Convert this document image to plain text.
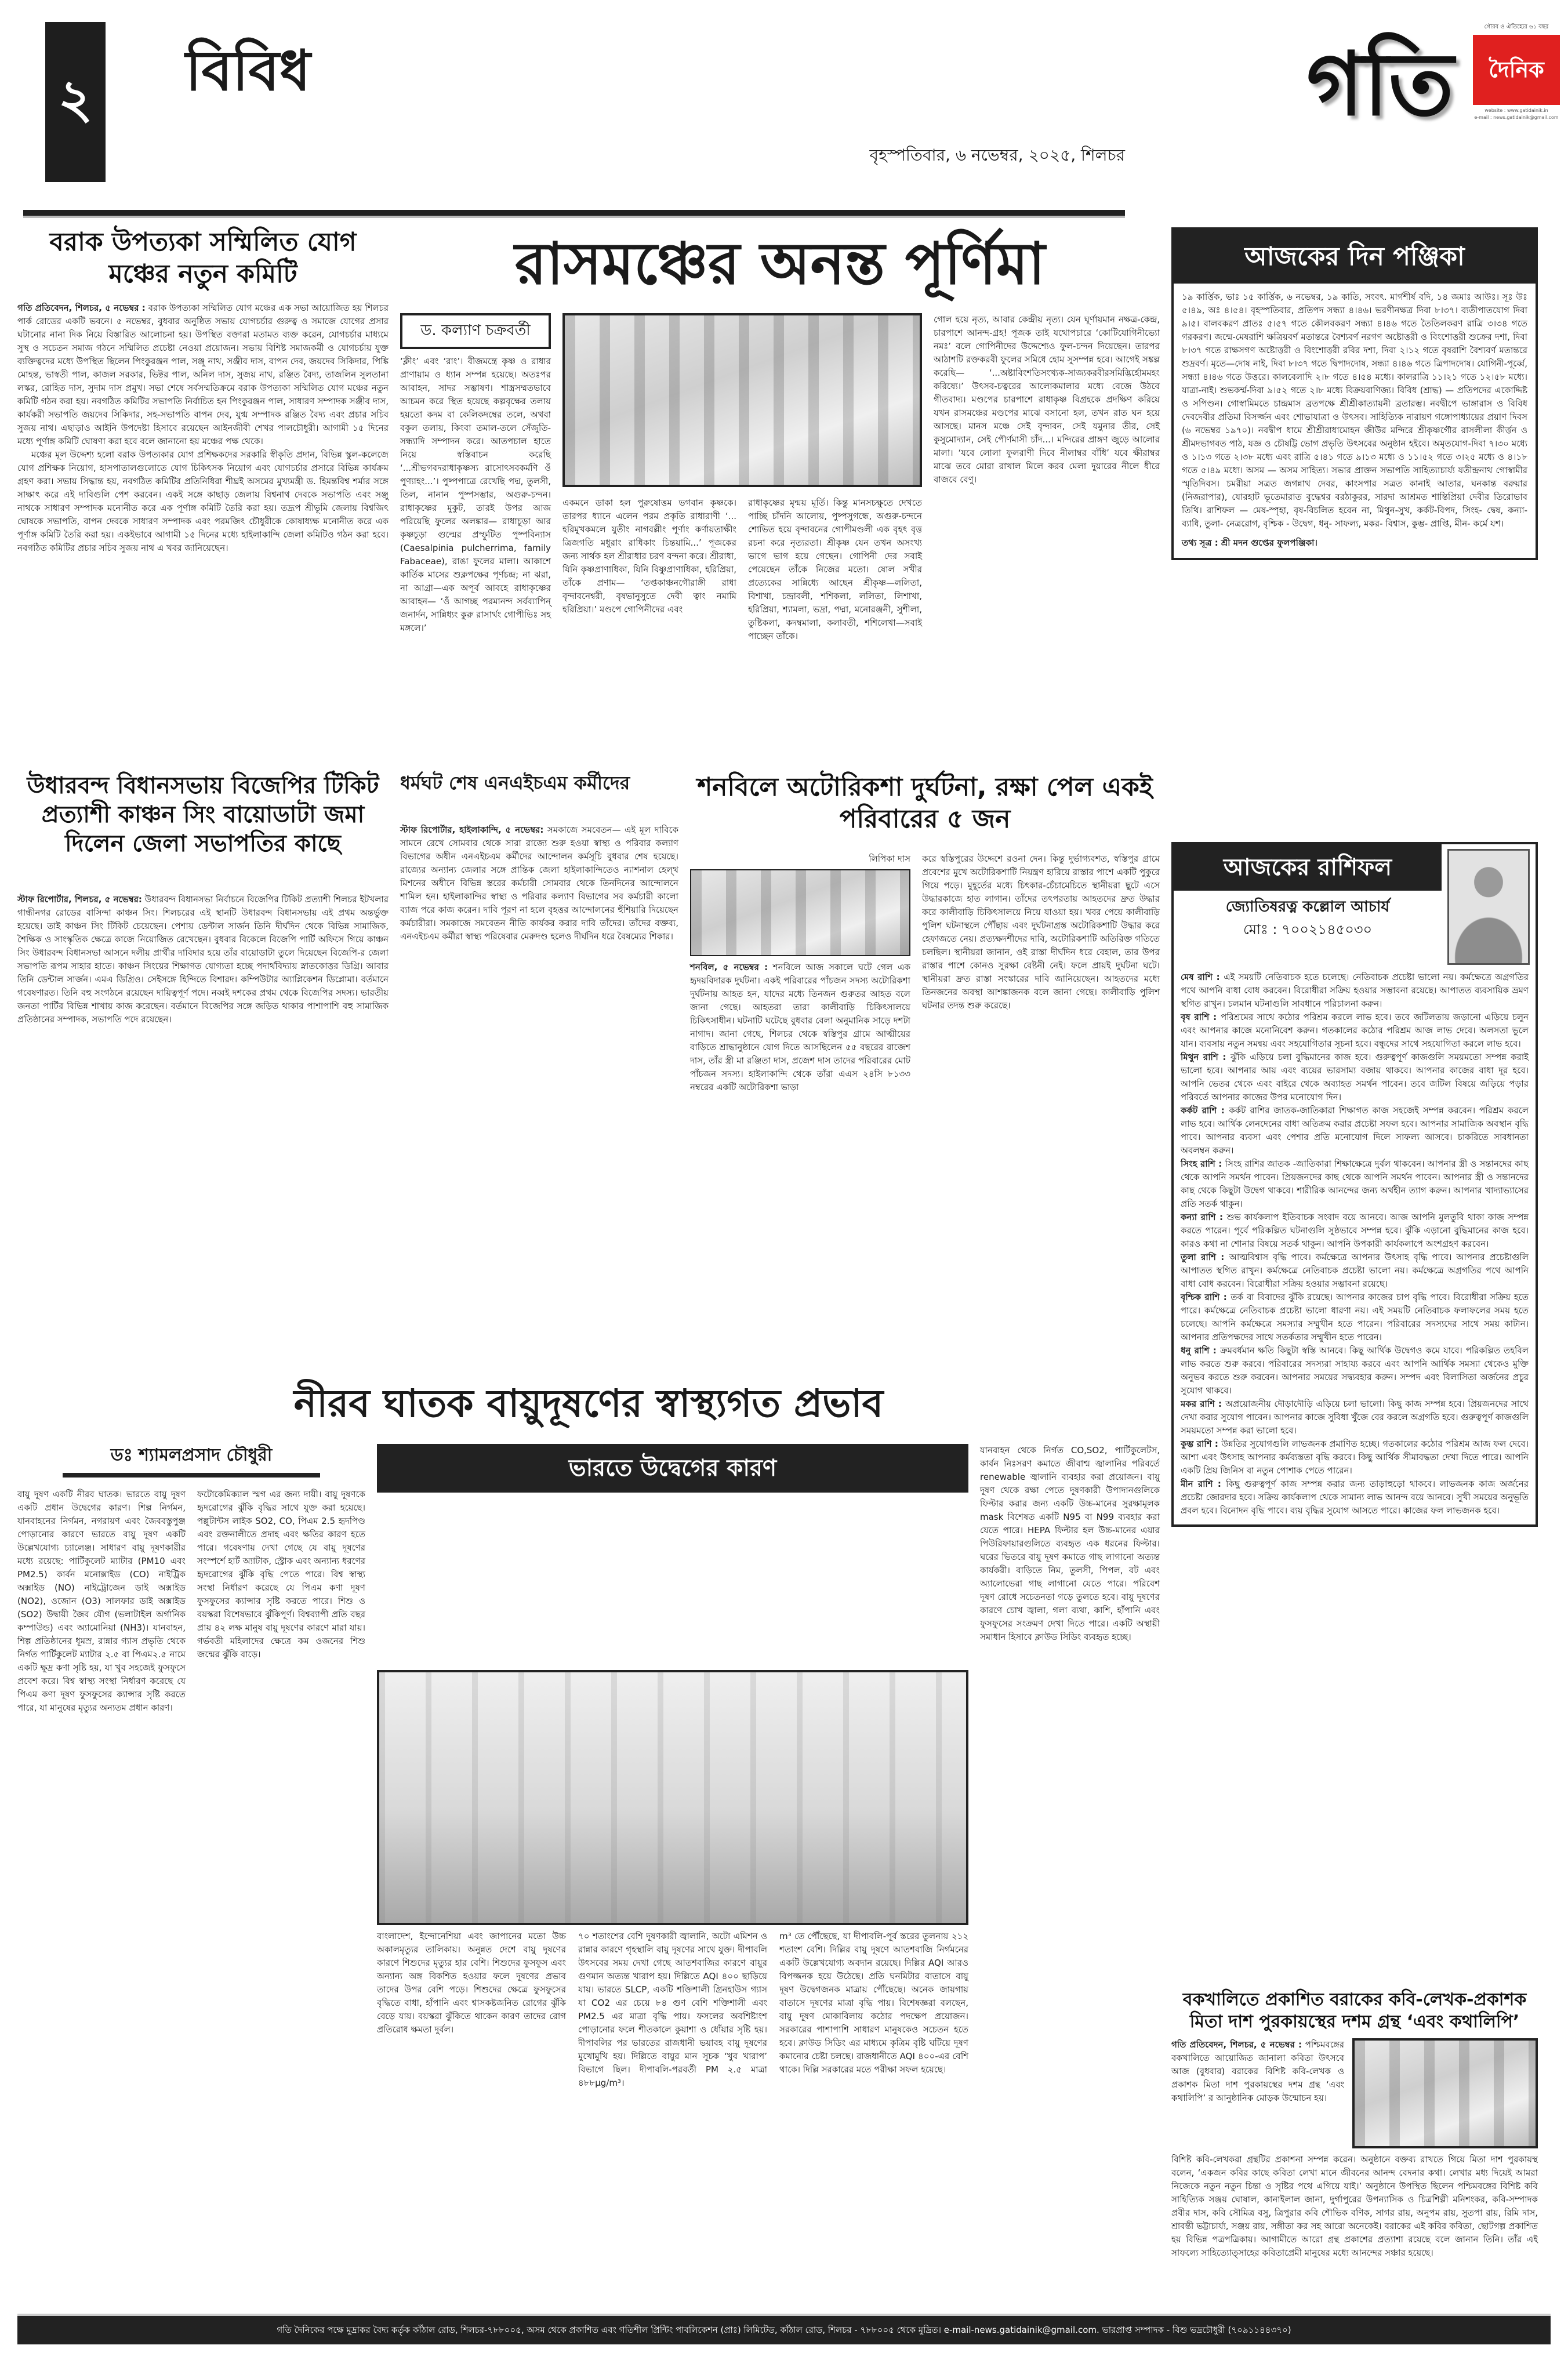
২ বিবিধ
বৃহস্পতিবার, ৬ নভেম্বর, ২০২৫, শিলচর
গতি
গৌরব ও ঐতিহ্যের ৬১ বছর
দৈনিক
website : www.gatidainik.in
e-mail : news.gatidainik@gmail.com
বরাক উপত্যকা সম্মিলিত যোগ মঞ্চের নতুন কমিটি

গতি প্রতিবেদন, শিলচর, ৫ নভেম্বর : বরাক উপত্যকা সম্মিলিত যোগ মঞ্চের এক সভা আয়োজিত হয় শিলচর পার্ক রোডের একটি ভবনে। ৫ নভেম্বর, বুধবার অনুষ্ঠিত সভায় যোগচর্চার গুরুত্ব ও সমাজে যোগের প্রসার ঘটানোর নানা দিক নিয়ে বিস্তারিত আলোচনা হয়। উপস্থিত বক্তারা মতামত ব্যক্ত করেন, যোগচর্চার মাধ্যমে সুস্থ ও সচেতন সমাজ গঠনে সম্মিলিত প্রচেষ্টা নেওয়া প্রয়োজন। সভায় বিশিষ্ট সমাজকর্মী ও যোগচর্চায় যুক্ত ব্যক্তিত্বদের মধ্যে উপস্থিত ছিলেন পিংকুরঞ্জন পাল, সঞ্জু নাথ, সঞ্জীব দাস, বাপন দেব, জয়দেব সিকিদার, পিঙ্কি মোহন্ত, ভাস্বতী পাল, কাজল সরকার, ভিক্টর পাল, অনিল দাস, সুজয় নাথ, রঞ্জিত বৈদ্য, তাজলিন সুলতানা লস্কর, রোহিত দাস, সুদাম দাস প্রমুখ। সভা শেষে সর্বসম্মতিক্রমে বরাক উপত্যকা সম্মিলিত যোগ মঞ্চের নতুন কমিটি গঠন করা হয়। নবগঠিত কমিটির সভাপতি নির্বাচিত হন পিংকুরঞ্জন পাল, সাধারণ সম্পাদক সঞ্জীব দাস, কার্যকরী সভাপতি জয়দেব সিকিদার, সহ-সভাপতি বাপন দেব, যুগ্ম সম্পাদক রঞ্জিত বৈদ্য এবং প্রচার সচিব সুজয় নাথ। এছাড়াও আইনি উপদেষ্টা হিসাবে রয়েছেন আইনজীবী শেখর পালচৌধুরী। আগামী ১৫ দিনের মধ্যে পূর্ণাঙ্গ কমিটি ঘোষণা করা হবে বলে জানানো হয় মঞ্চের পক্ষ থেকে।

মঞ্চের মূল উদ্দেশ্য হলো বরাক উপত্যকার যোগ প্রশিক্ষকদের সরকারি স্বীকৃতি প্রদান, বিভিন্ন স্কুল-কলেজে যোগ প্রশিক্ষক নিয়োগ, হাসপাতালগুলোতে যোগ চিকিৎসক নিয়োগ এবং যোগচর্চার প্রসারে বিভিন্ন কার্যক্রম গ্রহণ করা। সভায় সিদ্ধান্ত হয়, নবগঠিত কমিটির প্রতিনিধিরা শীঘ্রই অসমের মুখ্যমন্ত্রী ড. হিমন্তবিশ্ব শর্মার সঙ্গে সাক্ষাৎ করে এই দাবিগুলি পেশ করবেন। একই সঙ্গে কাছাড় জেলায় বিশ্বনাথ দেবকে সভাপতি এবং সঞ্জু নাথকে সাধারণ সম্পাদক মনোনীত করে এক পূর্ণাঙ্গ কমিটি তৈরি করা হয়। তদ্রূপ শ্রীভূমি জেলায় বিশ্বজিৎ ঘোষকে সভাপতি, বাপন দেবকে সাধারণ সম্পাদক এবং পরমজিৎ চৌধুরীকে কোষাধ্যক্ষ মনোনীত করে এক পূর্ণাঙ্গ কমিটি তৈরি করা হয়। একইভাবে আগামী ১৫ দিনের মধ্যে হাইলাকান্দি জেলা কমিটিও গঠন করা হবে। নবগঠিত কমিটির প্রচার সচিব সুজয় নাথ এ খবর জানিয়েছেন।

রাসমঞ্চের অনন্ত পূর্ণিমা
ড. কল্যাণ চক্রবর্তী
‘ক্লীং’ এবং ‘রাং’। বীজমন্ত্রে কৃষ্ণ ও রাধার প্রাণায়াম ও ধ্যান সম্পন্ন হয়েছে। অতঃপর আবাহন, সাদর সম্ভাষণ। শাস্ত্রসম্মতভাবে আচমন করে স্থিত হয়েছে কল্পবৃক্ষের তলায় হয়তো কদম বা কেলিকদম্বের তলে, অথবা বকুল তলায়, কিংবা তমাল-তলে সেঁজুতি-সন্ধ্যাদি সম্পাদন করে। আতপচাল হাতে নিয়ে স্বস্তিবাচন করেছি ‘...শ্রীভগবদরাধাকৃষ্ণস্য রাসোৎসবকর্মণি ওঁ পুণ্যাহং...’। পুষ্পপাত্রে রেখেছি পদ্ম, তুলসী, তিল, নানান পুষ্পসম্ভার, অগুরু-চন্দন। রাধাকৃষ্ণের মুকুট, তারই উপর আজ পরিয়েছি ফুলের অলঙ্কার— রাধাচূড়া আর কৃষ্ণচূড়া গুল্মের প্রস্ফুটিত পুষ্পবিন্যাস (Caesalpinia pulcherrima, family Fabaceae), রাঙা ফুলের মালা। আকাশে কার্তিক মাসের শুক্লপক্ষের পূর্ণচন্দ্র; না ঝরা, না আগ্রা—এক অপূর্ব আবহে রাধাকৃষ্ণের আবাহন— ‘ওঁ আগচ্ছ পরমানন্দ সর্বব্যাপিন্ জনার্দন, সান্নিধ্যং কুরু রাসার্থং গোপীভিঃ সহ মঙ্গলে।’
একমনে ডাকা হল পুরুষোত্তম ভগবান কৃষ্ণকে। তারপর ধ্যানে এলেন পরম প্রকৃতি রাধারাণী ‘... হরিমুখকমলে যুতীং নাগবল্লীং পূর্ণাং কর্ণায়তাক্ষীং ত্রিজগতি মধুরাং রাধিকাং চিন্তয়ামি...’ পূজকের জন্য সার্থক হল শ্রীরাধার চরণ বন্দনা করে। শ্রীরাধা, যিনি কৃষ্ণপ্রাণাধিকা, যিনি বিষ্ণুপ্রাণাধিকা, হরিপ্রিয়া, তাঁকে প্রণাম— ‘তপ্তকাঞ্চনগৌরাঙ্গী রাধা বৃন্দাবনেশ্বরী, বৃষভানুসুতে দেবী ত্বাং নমামি হরিপ্রিয়া।’ মণ্ডপে গোপিনীদের এবং
রাধাকৃষ্ণের মৃন্ময় মূর্তি। কিন্তু মানসচক্ষুতে দেখতে পাচ্ছি চাঁদনি আলোয়, পুষ্পসুগন্ধে, অগুরু-চন্দনে শোভিত হয়ে বৃন্দাবনের গোপীমণ্ডলী এক বৃহৎ বৃত্ত রচনা করে নৃত্যরতা। শ্রীকৃষ্ণ যেন তখন অসংখ্য ভাগে ভাগ হয়ে গেছেন। গোপিনী দের সবাই পেয়েছেন তাঁকে নিজের মতো। ষোল সখীর প্রত্যেকের সান্নিধ্যে আছেন শ্রীকৃষ্ণ—ললিতা, বিশাখা, চন্দ্রাবলী, শশিকলা, ললিতা, লিশাখা, হরিপ্রিয়া, শ্যামলা, ভদ্রা, পদ্মা, মনোরঞ্জনী, সুশীলা, তুষ্টিকলা, কদম্বমালা, কলাবতী, শশিলেখা—সবাই পাচ্ছেন তাঁকে।
গোল হয়ে নৃত্য, আবার কেন্দ্রীয় নৃত্য। যেন ঘূর্ণায়মান নক্ষত্র-কেন্দ্র, চারপাশে আনন্দ-গ্রহ! পূজক তাই যথোপচারে ‘কোটিযোগিনীভ্যো নমঃ’ বলে গোপিনীদের উদ্দেশ্যেও ফুল-চন্দন দিয়েছেন। তারপর আঠাশটি রক্তকরবী ফুলের সমিধে হোম সুসম্পন্ন হবে। আগেই সঙ্কল্প করেছি— ‘...অষ্টাবিংশতিসংখ্যক-সাজ্যকরবীরসমিদ্ভির্হোমমহং করিষ্যে।’ উৎসব-চত্বরের আলোকমালার মধ্যে বেজে উঠবে গীতবাদ্য। মণ্ডপের চারপাশে রাধাকৃষ্ণ বিগ্রহকে প্রদক্ষিণ করিয়ে যখন রাসমঞ্চের মণ্ডপের মাঝে বসানো হল, তখন রাত ঘন হয়ে আসছে। মানস মঞ্চে সেই বৃন্দাবন, সেই যমুনার তীর, সেই কুসুমোদ্যান, সেই পৌর্ণমাসী চাঁদ...। মন্দিরের প্রাঙ্গণ জুড়ে আলোর মালা। ‘যবে লোলা ফুলরাণী দিবে নীলাম্বর বাঁধি’ যবে ক্ষীরাম্বর মাঝে তবে মোরা রাখাল মিলে করব মেলা দুয়ারের নীলে ধীরে বাজবে বেণু।
আজকের দিন পঞ্জিকা

১৯ কার্ত্তিক, ভাঃ ১৫ কার্ত্তিক, ৬ নভেম্বর, ১৯ কাতি, সংবৎ. মার্গশীর্ষ বদি, ১৪ জমাঃ আউঃ। সূঃ উঃ ৫।৪৯, অঃ ৪।৫৪। বৃহস্পতিবার, প্রতিপদ সন্ধ্যা ৪।৪৬। ভরণীনক্ষত্র দিবা ৮।৩৭। ব্যতীপাতযোগ দিবা ৯।৫। বালবকরণ প্রাতঃ ৫।৫৭ গতে কৌলবকরণ সন্ধ্যা ৪।৪৬ গতে তৈতিলকরণ রাত্রি ৩।৩৪ গতে গরকরণ। জন্মে-মেষরাশি ক্ষত্রিয়বর্ণ মতান্তরে বৈশ্যবর্ণ নরগণ অষ্টোত্তরী ও বিংশোত্তরী শুক্রের দশা, দিবা ৮।৩৭ গতে রাক্ষসগণ অষ্টোত্তরী ও বিংশোত্তরী রবির দশা, দিবা ২।১২ গতে বৃষরাশি বৈশ্যবর্ণ মতান্তরে শুদ্রবর্ণ। মৃতে—দোষ নাই, দিবা ৮।৩৭ গতে দ্বিপাদদোষ, সন্ধ্যা ৪।৪৬ গতে ত্রিপাদদোষ। যোগিনী-পূর্ব্বে, সন্ধ্যা ৪।৪৬ গতে উত্তরে। কালবেলাদি ২।৮ গতে ৪।৫৪ মধ্যে। কালরাত্রি ১১।২১ গতে ১২।৫৮ মধ্যে। যাত্রা-নাই। শুভকর্ম্ম-দিবা ৯।৫২ গতে ২।৮ মধ্যে বিক্রয়বাণিজ্য। বিবিধ (শ্রাদ্ধ) — প্রতিপদের একোদ্দিষ্ট ও সপিণ্ডন। গোস্বামিমতে চান্দ্রমাস ব্রতপক্ষে শ্রীশ্রীকাত্যায়নী ব্রতারম্ভ। নবদ্বীপে ভাঙ্গারাস ও বিবিধ দেবদেবীর প্রতিমা বিসর্জ্জন এবং শোভাযাত্রা ও উৎসব। সাহিত্যিক নারায়ণ গঙ্গোপাধ্যায়ের প্রয়াণ দিবস (৬ নভেম্বর ১৯৭০)। নবদ্বীপ ধামে শ্রীশ্রীরাধামোহন জীউর মন্দিরে শ্রীকৃষ্ণগৌর রাসলীলা কীর্ত্তন ও শ্রীমদভাগবত পাঠ, যজ্ঞ ও চৌষট্টি ভোগ প্রভৃতি উৎসবের অনুষ্ঠান হইবে। অমৃতযোগ-দিবা ৭।৩০ মধ্যে ও ১।১৩ গতে ২।৩৮ মধ্যে এবং রাত্রি ৫।৪১ গতে ৯।১৩ মধ্যে ও ১১।৫২ গতে ৩।২৫ মধ্যে ও ৪।১৮ গতে ৫।৪৯ মধ্যে। অসম — অসম সাহিত্য। সভার প্রাক্তন সভাপতি সাহিত্যাচার্য্য যতীন্দ্রনাথ গোস্বামীর স্মৃতিদিবস। চমরীয়া সত্রত জগন্নাথ দেবর, কাংসপার সত্রত কানাই আতার, ঘনকান্ত বরুয়ার (নিজরাপার), যোরহাট ভূতেমারাত বুদ্ধেশ্বর বরঠাকুরর, সারদা আশ্রমত শান্তিপ্রিয়া দেবীর তিরোভাব তিথি। রাশিফল — মেষ-স্পৃহা, বৃষ-বিচলিত হবেন না, মিথুন-সুখ, কর্কট-বিপদ, সিংহ- দ্বেষ, কন্যা- ব্যাধি, তুলা- নেত্ররোগ, বৃশ্চিক - উদ্বেগ, ধনু- সাফল্য, মকর- বিশ্বাস, কুম্ভ- প্রাপ্তি, মীন- কর্মে যশ।

তথ্য সূত্র : শ্রী মদন গুপ্তের ফুলপঞ্জিকা।

উধারবন্দ বিধানসভায় বিজেপির টিকিট প্রত্যাশী কাঞ্চন সিং বায়োডাটা জমা দিলেন জেলা সভাপতির কাছে

স্টাফ রিপোর্টার, শিলচর, ৫ নভেম্বর: উধারবন্দ বিধানসভা নির্বাচনে বিজেপির টিকিট প্রত্যাশী শিলচর ইটখলার গান্ধীনগর রোডের বাসিন্দা কাঞ্চন সিং। শিলচরের এই স্থানটি উধারবন্দ বিধানসভায় এই প্রথম অন্তর্ভুক্ত হয়েছে। তাই কাঞ্চন সিং টিকিট চেয়েছেন। পেশায় ডেন্টাল সার্জন তিনি দীর্ঘদিন থেকে বিভিন্ন সামাজিক, শৈক্ষিক ও সাংস্কৃতিক ক্ষেত্রে কাজে নিয়োজিত রেখেছেন। বুধবার বিকেলে বিজেপি পার্টি অফিসে গিয়ে কাঞ্চন সিং উধারবন্দ বিধানসভা আসনে দলীয় প্রার্থীর দাবিদার হয়ে তাঁর বায়োডাটা তুলে দিয়েছেন বিজেপি-র জেলা সভাপতি রূপম সাহার হাতে। কাঞ্চন সিংয়ের শিক্ষাগত যোগ্যতা হচ্ছে পদার্থবিদ্যায় স্নাতকোত্তর ডিগ্রি। আবার তিনি ডেন্টাল সার্জন। এমএ ডিগ্রিও। সেইসঙ্গে হিন্দিতে বিশারদ। কম্পিউটার অ্যাপ্লিকেশন ডিপ্লোমা। বর্তমানে গবেষণারত। তিনি বহু সংগঠনে রয়েছেন দায়িত্বপূর্ণ পদে। নব্বই দশকের প্রথম থেকে বিজেপির সদস্য। ভারতীয় জনতা পার্টির বিভিন্ন শাখায় কাজ করেছেন। বর্তমানে বিজেপির সঙ্গে জড়িত থাকার পাশাপাশি বহু সামাজিক প্রতিষ্ঠানের সম্পাদক, সভাপতি পদে রয়েছেন।

ধর্মঘট শেষ এনএইচএম কর্মীদের

স্টাফ রিপোর্টার, হাইলাকান্দি, ৫ নভেম্বর: সমকাজে সমবেতন— এই মূল দাবিকে সামনে রেখে সোমবার থেকে সারা রাজ্যে শুরু হওয়া স্বাস্থ্য ও পরিবার কল্যাণ বিভাগের অধীন এনএইচএম কর্মীদের আন্দোলন কর্মসূচি বুধবার শেষ হয়েছে। রাজ্যের অন্যান্য জেলার সঙ্গে প্রান্তিক জেলা হাইলাকান্দিতেও ন্যাশনাল হেল্‌থ মিশনের অধীনে বিভিন্ন স্তরের কর্মচারী সোমবার থেকে তিনদিনের আন্দোলনে শামিল হন। হাইলাকান্দির স্বাস্থ্য ও পরিবার কল্যাণ বিভাগের সব কর্মচারী কালো ব্যাজ পরে কাজ করেন। দাবি পূরণ না হলে বৃহত্তর আন্দোলনের হুঁশিয়ারি দিয়েছেন কর্মচারীরা। সমকাজে সমবেতন নীতি কার্যকর করার দাবি তাঁদের। তাঁদের বক্তব্য, এনএইচএম কর্মীরা স্বাস্থ্য পরিষেবার মেরুদণ্ড হলেও দীর্ঘদিন ধরে বৈষম্যের শিকার।

শনবিলে অটোরিকশা দুর্ঘটনা, রক্ষা পেল একই পরিবারের ৫ জন

লিপিকা দাস

শনবিল, ৫ নভেম্বর : শনবিলে আজ সকালে ঘটে গেল এক হৃদয়বিদারক দুর্ঘটনা। একই পরিবারের পাঁচজন সদস্য অটোরিকশা দুর্ঘটনায় আহত হন, যাদের মধ্যে তিনজন গুরুতর আহত বলে জানা গেছে। আহতরা তারা কালীবাড়ি চিকিৎসালয়ে চিকিৎসাধীন। ঘটনাটি ঘটেছে বুধবার বেলা অনুমানিক সাড়ে দশটা নাগাদ। জানা গেছে, শিলচর থেকে স্বস্তিপুর গ্রামে আত্মীয়ের বাড়িতে শ্রাদ্ধানুষ্ঠানে যোগ দিতে আসছিলেন ৫৫ বছরের রাজেশ দাস, তাঁর স্ত্রী মা রঞ্জিতা দাস, প্রজেশ দাস তাদের পরিবারের মোট পাঁচজন সদস্য। হাইলাকান্দি থেকে তাঁরা এএস ২৪সি ৮১৩৩ নম্বরের একটি অটোরিকশা ভাড়া

করে স্বস্তিপুরের উদ্দেশে রওনা দেন। কিন্তু দুর্ভাগ্যবশত, স্বস্তিপুর গ্রামে প্রবেশের মুখে অটোরিকশাটি নিয়ন্ত্রণ হারিয়ে রাস্তার পাশে একটি পুকুরে গিয়ে পড়ে। মুহূর্তের মধ্যে চিৎকার-চেঁচামেচিতে স্থানীয়রা ছুটে এসে উদ্ধারকাজে হাত লাগান। তাঁদের তৎপরতায় আহতদের দ্রুত উদ্ধার করে কালীবাড়ি চিকিৎসালয়ে নিয়ে যাওয়া হয়। খবর পেয়ে কালীবাড়ি পুলিশ ঘটনাস্থলে পৌঁছায় এবং দুর্ঘটনাগ্রস্ত অটোরিকশাটি উদ্ধার করে হেফাজতে নেয়। প্রত্যক্ষদর্শীদের দাবি, অটোরিকশাটি অতিরিক্ত গতিতে চলছিল। স্থানীয়রা জানান, ওই রাস্তা দীর্ঘদিন ধরে বেহাল, তার উপর রাস্তার পাশে কোনও সুরক্ষা বেষ্টনী নেই। ফলে প্রায়ই দুর্ঘটনা ঘটে। স্থানীয়রা দ্রুত রাস্তা সংস্কারের দাবি জানিয়েছেন। আহতদের মধ্যে তিনজনের অবস্থা আশঙ্কাজনক বলে জানা গেছে। কালীবাড়ি পুলিশ ঘটনার তদন্ত শুরু করেছে।
আজকের রাশিফল
জ্যোতিষরত্ন কল্লোল আচার্য
মোঃ : ৭০০২১৪৫০৩০

মেষ রাশি : এই সময়টি নেতিবাচক হতে চলেছে। নেতিবাচক প্রচেষ্টা ভালো নয়। কর্মক্ষেত্রে অগ্রগতির পথে আপনি বাধা বোধ করবেন। বিরোধীরা সক্রিয় হওয়ার সম্ভাবনা রয়েছে। আপাতত ব্যবসায়িক ভ্রমণ স্থগিত রাখুন। চলমান ঘটনাগুলি সাবধানে পরিচালনা করুন।

বৃষ রাশি : পরিশ্রমের সাথে কঠোর পরিশ্রম করলে লাভ হবে। তবে জটিলতায় জড়ানো এড়িয়ে চলুন এবং আপনার কাজে মনোনিবেশ করুন। গতকালের কঠোর পরিশ্রম আজ লাভ দেবে। অলসতা ভুলে যান। ব্যবসায় নতুন সমন্বয় এবং সহযোগিতার সূচনা হবে। বন্ধুদের সাথে সহযোগিতা করলে লাভ হবে।

মিথুন রাশি : ঝুঁকি এড়িয়ে চলা বুদ্ধিমানের কাজ হবে। গুরুত্বপূর্ণ কাজগুলি সময়মতো সম্পন্ন করাই ভালো হবে। আপনার আয় এবং ব্যয়ের ভারসাম্য বজায় থাকবে। আপনার কাজের বাধা দূর হবে। আপনি ভেতর থেকে এবং বাইরে থেকে অব্যাহত সমর্থন পাবেন। তবে জটিল বিষয়ে জড়িয়ে পড়ার পরিবর্তে আপনার কাজের উপর মনোযোগ দিন।

কর্কট রাশি : কর্কট রাশির জাতক-জাতিকারা শিক্ষাগত কাজ সহজেই সম্পন্ন করবেন। পরিশ্রম করলে লাভ হবে। আর্থিক লেনদেনের বাধা অতিক্রম করার প্রচেষ্টা সফল হবে। আপনার সামাজিক অবস্থান বৃদ্ধি পাবে। আপনার ব্যবসা এবং পেশার প্রতি মনোযোগ দিলে সাফল্য আসবে। চাকরিতে সাবধানতা অবলম্বন করুন।

সিংহ রাশি : সিংহ রাশির জাতক -জাতিকারা শিক্ষাক্ষেত্রে দুর্বল থাকবেন। আপনার স্ত্রী ও সন্তানদের কাছ থেকে আপনি সমর্থন পাবেন। প্রিয়জনদের কাছ থেকে আপনি সমর্থন পাবেন। আপনার স্ত্রী ও সন্তানদের কাছ থেকে কিছুটা উদ্বেগ থাকবে। শারীরিক আনন্দের জন্য অর্থহীন ত্যাগ করুন। আপনার খাদ্যাভ্যাসের প্রতি সতর্ক থাকুন।

কন্যা রাশি : শুভ কার্যকলাপ ইতিবাচক সংবাদ বয়ে আনবে। আজ আপনি মুলতুবি থাকা কাজ সম্পন্ন করতে পারেন। পূর্বে পরিকল্পিত ঘটনাগুলি সুষ্ঠভাবে সম্পন্ন হবে। ঝুঁকি এড়ানো বুদ্ধিমানের কাজ হবে। কারও কথা না শোনার বিষয়ে সতর্ক থাকুন। আপনি উপকারী কার্যকলাপে অংশগ্রহণ করবেন।

তুলা রাশি : আত্মবিশ্বাস বৃদ্ধি পাবে। কর্মক্ষেত্রে আপনার উৎসাহ বৃদ্ধি পাবে। আপনার প্রচেষ্টাগুলি আপাতত স্থগিত রাখুন। কর্মক্ষেত্রে নেতিবাচক প্রচেষ্টা ভালো নয়। কর্মক্ষেত্রে অগ্রগতির পথে আপনি বাধা বোধ করবেন। বিরোধীরা সক্রিয় হওয়ার সম্ভাবনা রয়েছে।

বৃশ্চিক রাশি : তর্ক বা বিবাদের ঝুঁকি রয়েছে। আপনার কাজের চাপ বৃদ্ধি পাবে। বিরোধীরা সক্রিয় হতে পারে। কর্মক্ষেত্রে নেতিবাচক প্রচেষ্টা ভালো ধারণা নয়। এই সময়টি নেতিবাচক ফলাফলের সময় হতে চলেছে। আপনি কর্মক্ষেত্রে সমস্যার সম্মুখীন হতে পারেন। পরিবারের সদস্যদের সাথে সময় কাটান। আপনার প্রতিপক্ষদের সাথে সতর্কতার সম্মুখীন হতে পারেন।

ধনু রাশি : ক্রমবর্ধমান ক্ষতি কিছুটা স্বস্তি আনবে। কিছু আর্থিক উদ্বেগও কমে যাবে। পরিকল্পিত তহবিল লাভ করতে শুরু করবে। পরিবারের সদস্যরা সাহায্য করবে এবং আপনি আর্থিক সমস্যা থেকেও মুক্তি অনুভব করতে শুরু করবেন। আপনার সময়ের সদ্ব্যবহার করুন। সম্পদ এবং বিলাসিতা অর্জনের প্রচুর সুযোগ থাকবে।

মকর রাশি : অপ্রয়োজনীয় দৌড়াদৌড়ি এড়িয়ে চলা ভালো। কিছু কাজ সম্পন্ন হবে। প্রিয়জনদের সাথে দেখা করার সুযোগ পাবেন। আপনার কাজে সুবিধা খুঁজে বের করলে অগ্রগতি হবে। গুরুত্বপূর্ণ কাজগুলি সময়মতো সম্পন্ন করা ভালো হবে।

কুম্ভ রাশি : উন্নতির সুযোগগুলি লাভজনক প্রমাণিত হচ্ছে। গতকালের কঠোর পরিশ্রম আজ ফল দেবে। আশা এবং উৎসাহ আপনার কর্মব্যস্ততা বৃদ্ধি করবে। কিছু আর্থিক সীমাবদ্ধতা দেখা দিতে পারে। আপনি একটি প্রিয় জিনিস বা নতুন পোশাক পেতে পারেন।

মীন রাশি : কিছু গুরুত্বপূর্ণ কাজ সম্পন্ন করার জন্য তাড়াহুড়ো থাকবে। লাভজনক কাজ অর্জনের প্রচেষ্টা জোরদার হবে। সক্রিয় কার্যকলাপ থেকে সামান্য লাভ আনন্দ বয়ে আনবে। সুখী সময়ের অনুভূতি প্রবল হবে। বিনোদন বৃদ্ধি পাবে। ব্যয় বৃদ্ধির সুযোগ আসতে পারে। কাজের ফল লাভজনক হবে।

নীরব ঘাতক বায়ুদূষণের স্বাস্থ্যগত প্রভাব
ডঃ শ্যামলপ্রসাদ চৌধুরী
বায়ু দূষণ একটি নীরব ঘাতক। ভারতে বায়ু দূষণ একটি প্রধান উদ্বেগের কারণ। শিল্প নির্গমন, যানবাহনের নির্গমন, নগরায়ণ এবং জৈববস্তুপুঞ্জ পোড়ানোর কারণে ভারতে বায়ু দূষণ একটি উল্লেখযোগ্য চ্যালেঞ্জ। সাধারণ বায়ু দূষণকারীর মধ্যে রয়েছে: পার্টিকুলেট ম্যাটার (PM10 এবং PM2.5) কার্বন মনোক্সাইড (CO) নাইট্রিক অক্সাইড (NO) নাইট্রোজেন ডাই অক্সাইড (NO2), ওজোন (O3) সালফার ডাই অক্সাইড (SO2) উদ্বায়ী জৈব যৌগ (ভলাটাইল অর্গানিক কম্পাউন্ড) এবং অ্যামোনিয়া (NH3)। যানবাহন, শিল্প প্রতিষ্ঠানের ধূমস্র, রান্নার গ্যাস প্রভৃতি থেকে নির্গত পার্টিকুলেট ম্যাটার ২.৫ বা পিএম২.৫ নামে একটি ক্ষুদ্র কণা সৃষ্টি হয়, যা খুব সহজেই ফুসফুসে প্রবেশ করে। বিশ্ব স্বাস্থ্য সংস্থা নির্ধারণ করেছে যে পিএম কণা দূষণ ফুসফুসের ক্যান্সার সৃষ্টি করতে পারে, যা মানুষের মৃত্যুর অন্যতম প্রধান কারণ।
ফটোকেমিক্যাল স্মগ এর জন্য দায়ী। বায়ু দূষণকে হৃদরোগের ঝুঁকি বৃদ্ধির সাথে যুক্ত করা হয়েছে। পল্লুটান্টস লাইক SO2, CO, পিএম 2.5 হৃদপিণ্ড এবং রক্তনালীতে প্রদাহ এবং ক্ষতির কারণ হতে পারে। গবেষণায় দেখা গেছে যে বায়ু দূষণের সংস্পর্শে হার্ট অ্যাটাক, স্ট্রোক এবং অন্যান্য ধরণের হৃদরোগের ঝুঁকি বৃদ্ধি পেতে পারে। বিশ্ব স্বাস্থ্য সংস্থা নির্ধারণ করেছে যে পিএম কণা দূষণ ফুসফুসের ক্যান্সার সৃষ্টি করতে পারে। শিশু ও বয়স্করা বিশেষভাবে ঝুঁকিপূর্ণ। বিশ্বব্যাপী প্রতি বছর প্রায় ৪২ লক্ষ মানুষ বায়ু দূষণের কারণে মারা যায়। গর্ভবতী মহিলাদের ক্ষেত্রে কম ওজনের শিশু জন্মের ঝুঁকি বাড়ে।
ভারতে উদ্বেগের কারণ
বাংলাদেশ, ইন্দোনেশিয়া এবং জাপানের মতো উচ্চ অকালমৃত্যুর তালিকায়। অনুন্নত দেশে বায়ু দূষণের কারণে শিশুদের মৃত্যুর হার বেশি। শিশুদের ফুসফুস এবং অন্যান্য অঙ্গ বিকশিত হওয়ার ফলে দূষণের প্রভাব তাদের উপর বেশি পড়ে। শিশুদের ক্ষেত্রে ফুসফুসের বৃদ্ধিতে বাধা, হাঁপানি এবং শ্বাসকষ্টজনিত রোগের ঝুঁকি বেড়ে যায়। বয়স্করা ঝুঁকিতে থাকেন কারণ তাদের রোগ প্রতিরোধ ক্ষমতা দুর্বল।
৭০ শতাংশের বেশি দূষণকারী জ্বালানি, অটো এমিশন ও রান্নার কারণে গৃহস্থালি বায়ু দূষণের সাথে যুক্ত। দীপাবলি উৎসবের সময় দেখা গেছে আতশবাজির কারণে বায়ুর গুণমান অত্যন্ত খারাপ হয়। দিল্লিতে AQI ৪০০ ছাড়িয়ে যায়। ভারতে SLCP, একটি শক্তিশালী গ্রিনহাউস গ্যাস যা CO2 এর চেয়ে ৮৪ গুণ বেশি শক্তিশালী এবং PM2.5 এর মাত্রা বৃদ্ধি পায়। ফসলের অবশিষ্টাংশ পোড়ানোর ফলে শীতকালে কুয়াশা ও ধোঁয়ার সৃষ্টি হয়। দীপাবলির পর ভারতের রাজধানী ভয়াবহ বায়ু দূষণের মুখোমুখি হয়। দিল্লিতে বায়ুর মান সূচক ‘খুব খারাপ’ বিভাগে ছিল। দীপাবলি-পরবর্তী PM ২.৫ মাত্রা ৪৮৮µg/m³।
m³ তে পৌঁছেছে, যা দীপাবলি-পূর্ব স্তরের তুলনায় ২১২ শতাংশ বেশি। দিল্লির বায়ু দূষণে আতশবাজি নির্গমনের একটি উল্লেখযোগ্য অবদান রয়েছে। দিল্লির AQI আরও বিপজ্জনক হয়ে উঠেছে। প্রতি ঘনমিটার বাতাসে বায়ু দূষণ উদ্বেগজনক মাত্রায় পৌঁছেছে। অনেক জায়গায় বাতাসে দূষণের মাত্রা বৃদ্ধি পায়। বিশেষজ্ঞরা বলছেন, বায়ু দূষণ মোকাবিলায় কঠোর পদক্ষেপ প্রয়োজন। সরকারের পাশাপাশি সাধারণ মানুষকেও সচেতন হতে হবে। ক্লাউড সিডিং এর মাধ্যমে কৃত্রিম বৃষ্টি ঘটিয়ে দূষণ কমানোর চেষ্টা চলছে। রাজধানীতে AQI ৪০০-এর বেশি থাকে। দিল্লি সরকারের মতে পরীক্ষা সফল হয়েছে।
যানবাহন থেকে নির্গত CO,SO2, পার্টিকুলেটস, কার্বন নিঃসরণ কমাতে জীবাশ্ম জ্বালানির পরিবর্তে renewable জ্বালানি ব্যবহার করা প্রয়োজন। বায়ু দূষণ থেকে রক্ষা পেতে দূষণকারী উপাদানগুলিকে ফিল্টার করার জন্য একটি উচ্চ-মানের সুরক্ষামূলক mask বিশেষত একটি N95 বা N99 ব্যবহার করা যেতে পারে। HEPA ফিল্টার হল উচ্চ-মানের এয়ার পিউরিফায়ারগুলিতে ব্যবহৃত এক ধরনের ফিল্টার। ঘরের ভিতরে বায়ু দূষণ কমাতে গাছ লাগানো অত্যন্ত কার্যকরী। বাড়িতে নিম, তুলসী, পিপল, বট এবং অ্যালোভেরা গাছ লাগানো যেতে পারে। পরিবেশ দূষণ রোধে সচেতনতা গড়ে তুলতে হবে। বায়ু দূষণের কারণে চোখ জ্বালা, গলা ব্যথা, কাশি, হাঁপানি এবং ফুসফুসের সংক্রমণ দেখা দিতে পারে। একটি অস্থায়ী সমাধান হিসাবে ক্লাউড সিডিং ব্যবহৃত হচ্ছে।
বকখালিতে প্রকাশিত বরাকের কবি-লেখক-প্রকাশক মিতা দাশ পুরকায়স্থের দশম গ্রন্থ ‘এবং কথালিপি’

গতি প্রতিবেদন, শিলচর, ৫ নভেম্বর : পশ্চিমবঙ্গের বকখালিতে আয়োজিত জানালা কবিতা উৎসবে আজ (বুধবার) বরাকের বিশিষ্ট কবি-লেখক ও প্রকাশক মিতা দাশ পুরকায়স্থের দশম গ্রন্থ ‘এবং কথালিপি’ র আনুষ্ঠানিক মোড়ক উন্মোচন হয়।

বিশিষ্ট কবি-লেখকরা গ্রন্থটির প্রকাশনা সম্পন্ন করেন। অনুষ্ঠানে বক্তব্য রাখতে গিয়ে মিতা দাশ পুরকায়স্থ বলেন, ‘একজন কবির কাছে কবিতা লেখা মানে জীবনের আনন্দ বেদনার কথা। লেখার মধ্য দিয়েই আমরা নিজেকে নতুন নতুন চিন্তা ও সৃষ্টির পথে এগিয়ে যাই।’ অনুষ্ঠানে উপস্থিত ছিলেন পশ্চিমবঙ্গের বিশিষ্ট কবি সাহিত্যিক সঞ্জয় ঘোষাল, কানাইলাল জানা, দুর্গাপুরের উপন্যাসিক ও চিত্রশিল্পী মনিশংকর, কবি-সম্পাদক প্রবীর দাস, কবি সৌমিত্র বসু, ত্রিপুরার কবি শৌভিক বণিক, সাগর রায়, অনুপম রায়, সুতপা রায়, রিমি দাস, শ্রাবন্তী ভট্টাচার্য্য, সঞ্জয় রায়, সঙ্গীতা কর সহ আরো অনেকেই। বরাকের এই কবির কবিতা, ছোটগল্প প্রকাশিত হয় বিভিন্ন পত্রপত্রিকায়। আগামীতে আরো গ্রন্থ প্রকাশের প্রত্যাশা রয়েছে বলে জানান তিনি। তাঁর এই সাফল্যে সাহিত্যোত্সাহের কবিতাপ্রেমী মানুষের মধ্যে আনন্দের সঞ্চার হয়েছে।
গতি দৈনিকের পক্ষে মুদ্রাকর বৈদ্য কর্তৃক কাঁঠাল রোড, শিলচর-৭৮৮০০৫, অসম থেকে প্রকাশিত এবং গতিশীল প্রিন্টিং পাবলিকেশন (প্রাঃ) লিমিটেড, কাঁঠাল রোড, শিলচর - ৭৮৮০০৫ থেকে মুদ্রিত। e-mail-news.gatidainik@gmail.com. ভারপ্রাপ্ত সম্পাদক - বিশু ভদ্রচৌধুরী (৭০৯১১৪৪৩৭০)
